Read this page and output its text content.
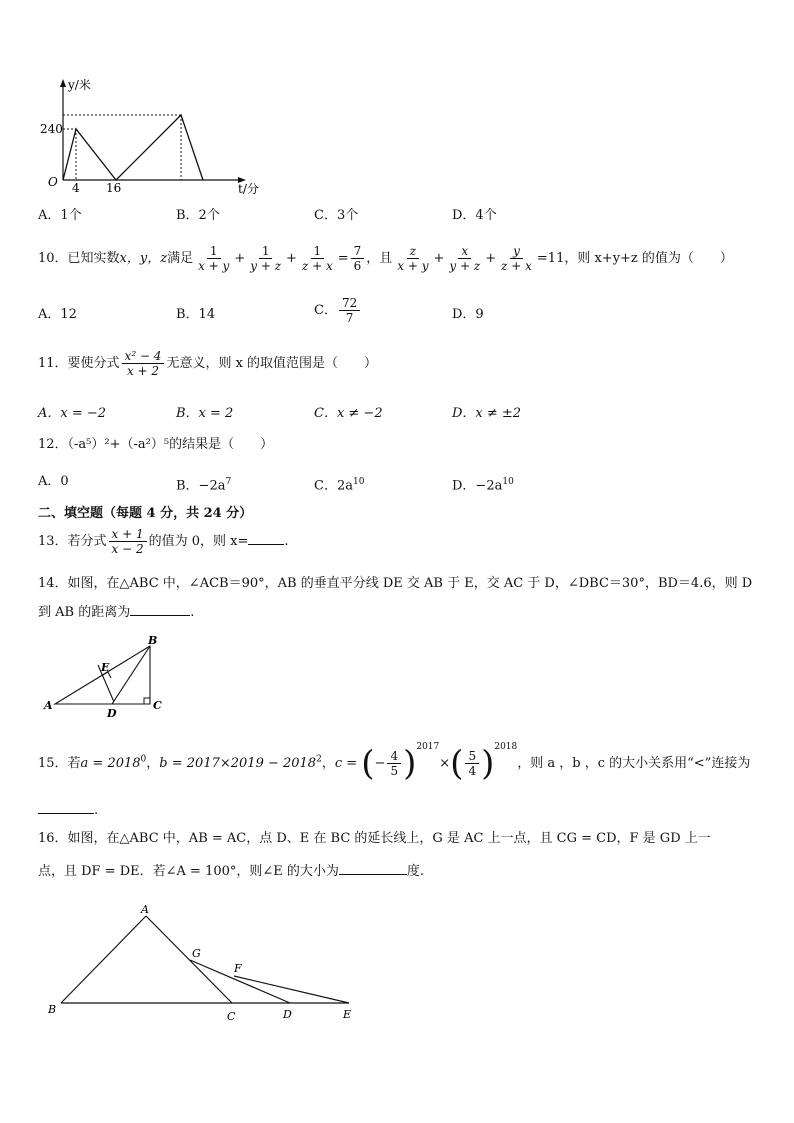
y/米
t/分
O
240
4 16
A．1个	B．2个	C．3个	D．4个
10．已知实数x，y，z满足 $\frac{1}{x + y} + \frac{1}{y + z} + \frac{1}{z + x} = \frac{7}{6}$ ，且 $\frac{z}{x + y} + \frac{x}{y + z} + \frac{y}{z + x} =11$，则 x+y+z 的值为（　　）
A．12	B．14	C． $\frac{72}{7}$	D．9
11．要使分式 $\frac{\text{x² − 4}}{x + 2}$ 无意义，则 x 的取值范围是（　　）
A．x = −2	B．x = 2	C．x ≠ −2	D．x ≠ ±2
12．（-a⁵）²+（-a²）⁵的结果是（　　）
A．0	B．$-2a^7$	C．$2a^{10}$	D．$-2a^{10}$
二、填空题（每题 4 分，共 24 分）
13．若分式 $\frac{x + 1}{x - 2}$ 的值为 0，则 x=	.
14．如图，在△ABC 中，∠ACB＝90°，AB 的垂直平分线 DE 交 AB 于 E，交 AC 于 D，∠DBC＝30°，BD＝4.6，则 D
到 AB 的距离为	.
A
B
C
D
E
15．若$a = 2018^0$，$b = 2017\times 2019 - 2018^2$，c = (− $\frac{4}{5} )^{2017}\times( \frac{5}{4} )^{2018}$，则 a ，b ，c 的大小关系用“<”连接为
.
16．如图，在△ABC 中，AB = AC，点 D、E 在 BC 的延长线上，G 是 AC 上一点，且 CG = CD，F 是 GD 上一
点，且 DF = DE．若∠A = 100°，则∠E 的大小为	度.
A
B
C	D	E
F
G
